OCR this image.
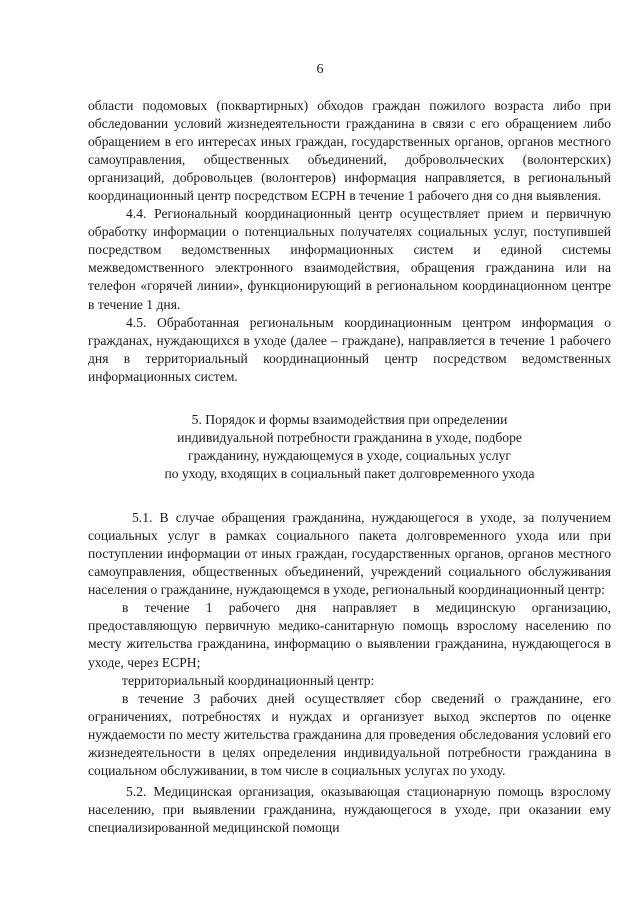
6

области подомовых (поквартирных) обходов граждан пожилого возраста либо при обследовании условий жизнедеятельности гражданина в связи с его обращением либо обращением в его интересах иных граждан, государственных органов, органов местного самоуправления, общественных объединений, добровольческих (волонтерских) организаций, добровольцев (волонтеров) информация направляется, в региональный координационный центр посредством ЕСРН в течение 1 рабочего дня со дня выявления.

4.4. Региональный координационный центр осуществляет прием и первичную обработку информации о потенциальных получателях социальных услуг, поступившей посредством ведомственных информационных систем и единой системы межведомственного электронного взаимодействия, обращения гражданина или на телефон «горячей линии», функционирующий в региональном координационном центре в течение 1 дня.

4.5. Обработанная региональным координационным центром информация о гражданах, нуждающихся в уходе (далее – граждане), направляется в течение 1 рабочего дня в территориальный координационный центр посредством ведомственных информационных систем.

5. Порядок и формы взаимодействия при определении
индивидуальной потребности гражданина в уходе, подборе
гражданину, нуждающемуся в уходе, социальных услуг
по уходу, входящих в социальный пакет долговременного ухода

5.1. В случае обращения гражданина, нуждающегося в уходе, за получением социальных услуг в рамках социального пакета долговременного ухода или при поступлении информации от иных граждан, государственных органов, органов местного самоуправления, общественных объединений, учреждений социального обслуживания населения о гражданине, нуждающемся в уходе, региональный координационный центр:

в течение 1 рабочего дня направляет в медицинскую организацию, предоставляющую первичную медико-санитарную помощь взрослому населению по месту жительства гражданина, информацию о выявлении гражданина, нуждающегося в уходе, через ЕСРН;

территориальный координационный центр:

в течение 3 рабочих дней осуществляет сбор сведений о гражданине, его ограничениях, потребностях и нуждах и организует выход экспертов по оценке нуждаемости по месту жительства гражданина для проведения обследования условий его жизнедеятельности в целях определения индивидуальной потребности гражданина в социальном обслуживании, в том числе в социальных услугах по уходу.

5.2. Медицинская организация, оказывающая стационарную помощь взрослому населению, при выявлении гражданина, нуждающегося в уходе, при оказании ему специализированной медицинской помощи
